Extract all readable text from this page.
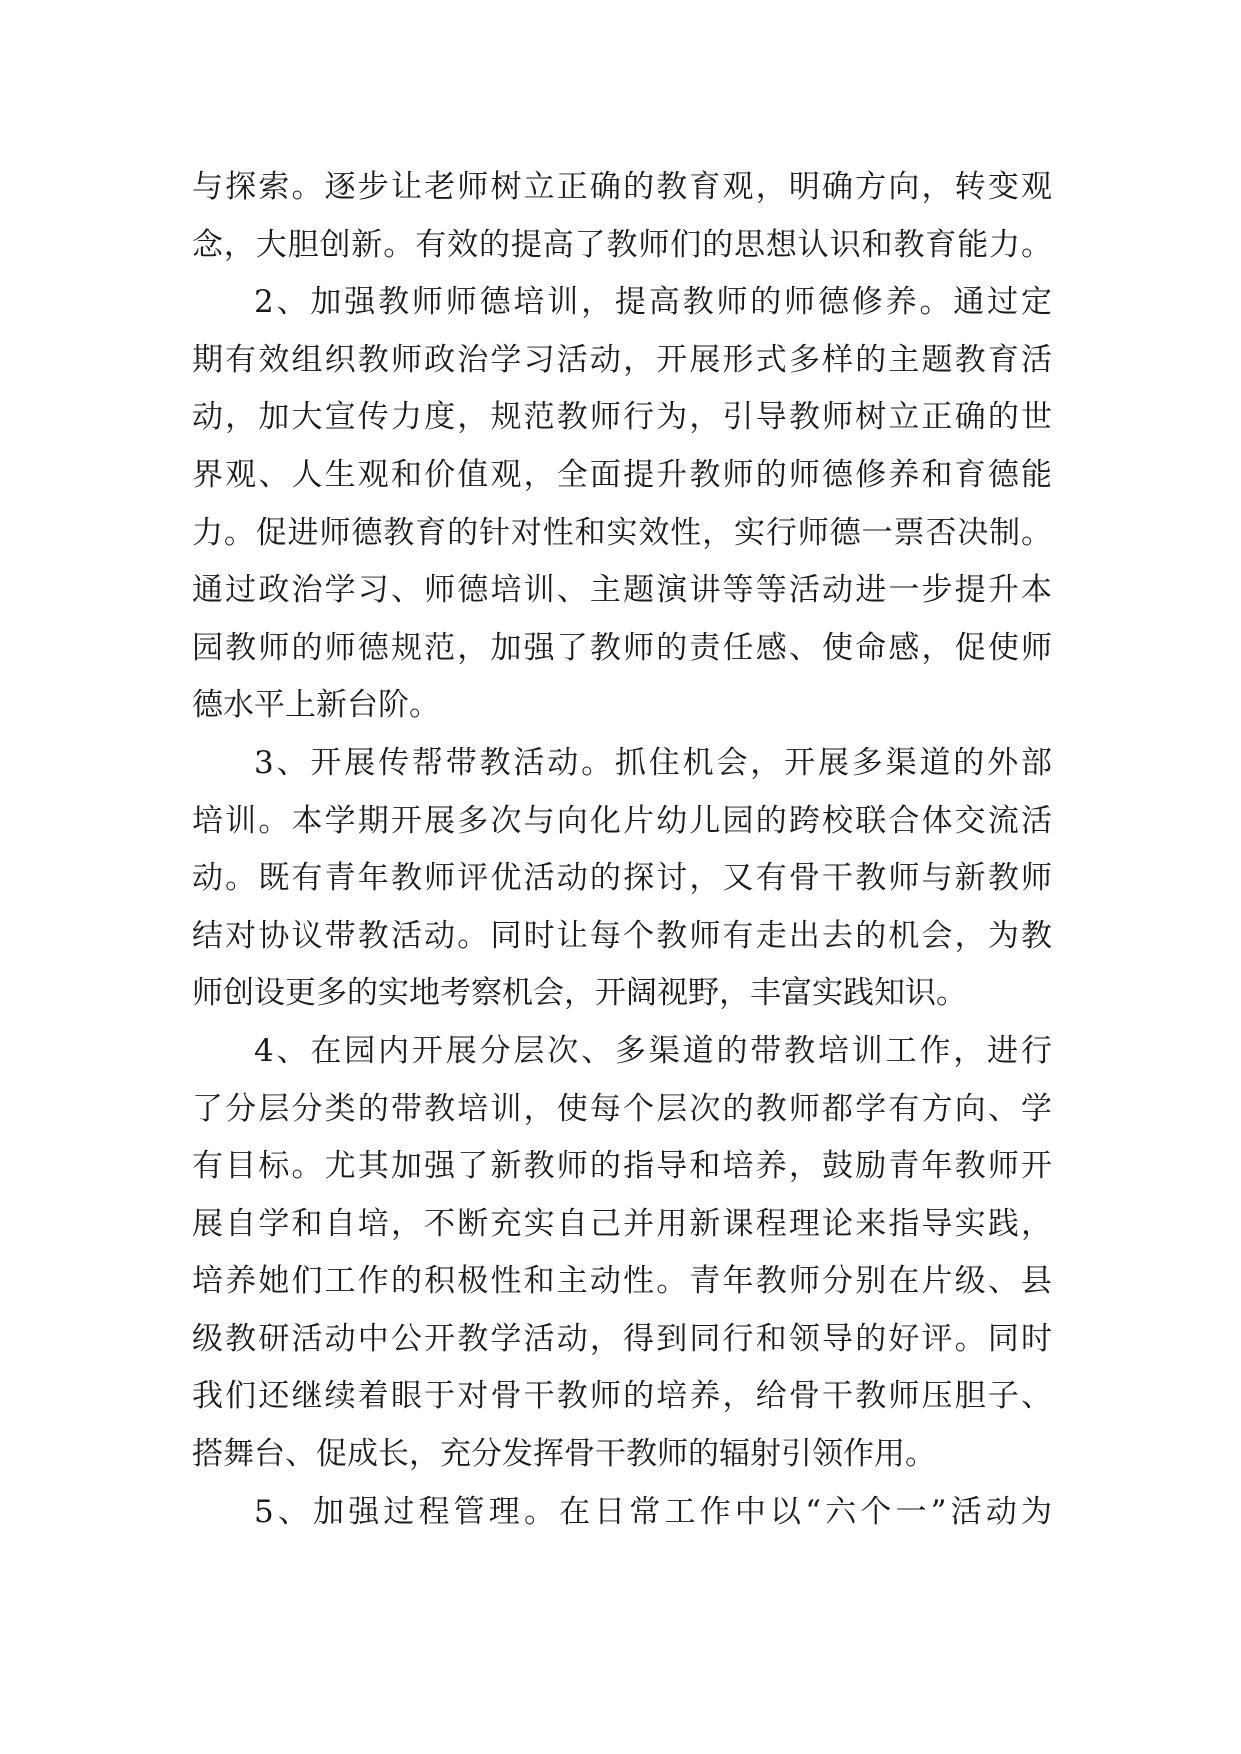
与探索。逐步让老师树立正确的教育观，明确方向，转变观
念，大胆创新。有效的提高了教师们的思想认识和教育能力。
2、加强教师师德培训，提高教师的师德修养。通过定
期有效组织教师政治学习活动，开展形式多样的主题教育活
动，加大宣传力度，规范教师行为，引导教师树立正确的世
界观、人生观和价值观，全面提升教师的师德修养和育德能
力。促进师德教育的针对性和实效性，实行师德一票否决制。
通过政治学习、师德培训、主题演讲等等活动进一步提升本
园教师的师德规范，加强了教师的责任感、使命感，促使师
德水平上新台阶。
3、开展传帮带教活动。抓住机会，开展多渠道的外部
培训。本学期开展多次与向化片幼儿园的跨校联合体交流活
动。既有青年教师评优活动的探讨，又有骨干教师与新教师
结对协议带教活动。同时让每个教师有走出去的机会，为教
师创设更多的实地考察机会，开阔视野，丰富实践知识。
4、在园内开展分层次、多渠道的带教培训工作，进行
了分层分类的带教培训，使每个层次的教师都学有方向、学
有目标。尤其加强了新教师的指导和培养，鼓励青年教师开
展自学和自培，不断充实自己并用新课程理论来指导实践，
培养她们工作的积极性和主动性。青年教师分别在片级、县
级教研活动中公开教学活动，得到同行和领导的好评。同时
我们还继续着眼于对骨干教师的培养，给骨干教师压胆子、
搭舞台、促成长，充分发挥骨干教师的辐射引领作用。
5、加强过程管理。在日常工作中以“六个一”活动为
